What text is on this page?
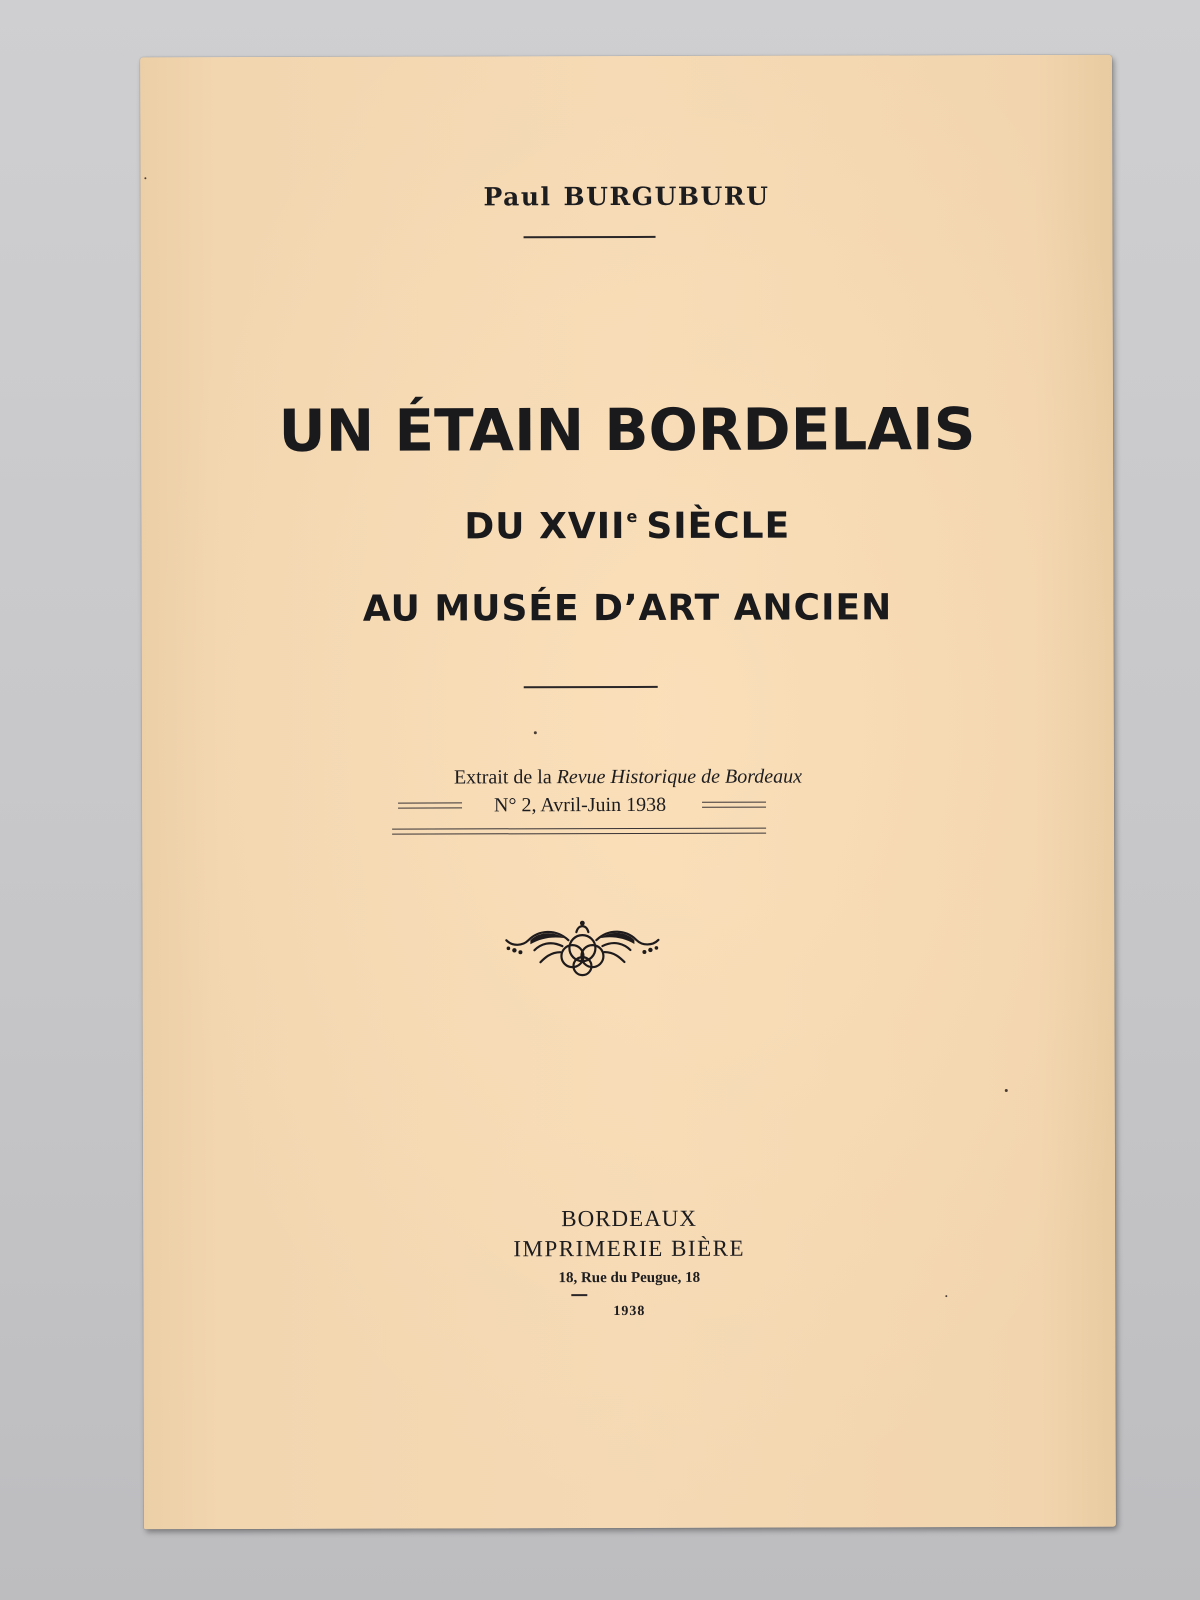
Paul BURGUBURU
UN ÉTAIN BORDELAIS
DU XVIIe SIÈCLE
AU MUSÉE D’ART ANCIEN
Extrait de la Revue Historique de Bordeaux
N° 2, Avril-Juin 1938
BORDEAUX
IMPRIMERIE BIÈRE
18, Rue du Peugue, 18
1938
